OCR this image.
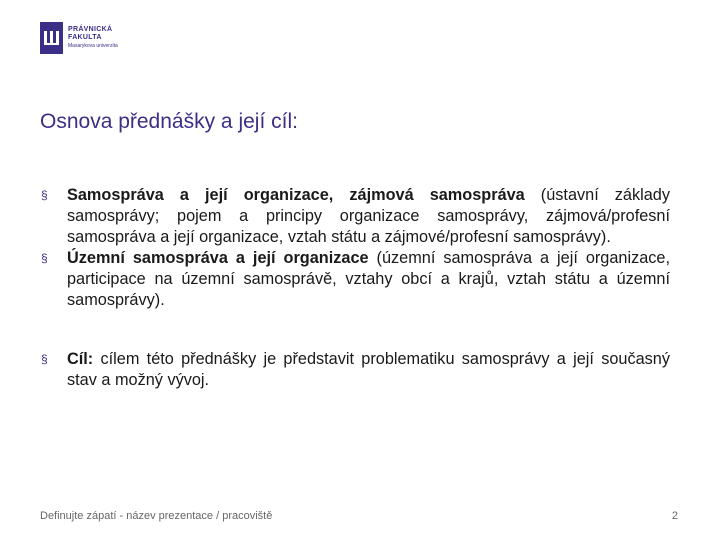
PRÁVNICKÁ
FAKULTA
Masarykova univerzita
Osnova přednášky a její cíl:
§ Samospráva a její organizace, zájmová samospráva (ústavní základy samosprávy; pojem a principy organizace samosprávy, zájmová/profesní samospráva a její organizace, vztah státu a zájmové/profesní samosprávy).
§ Územní samospráva a její organizace (územní samospráva a její organizace, participace na územní samosprávě, vztahy obcí a krajů, vztah státu a územní samosprávy).
§ Cíl: cílem této přednášky je představit problematiku samosprávy a její současný stav a možný vývoj.
Definujte zápatí - název prezentace / pracoviště	2
